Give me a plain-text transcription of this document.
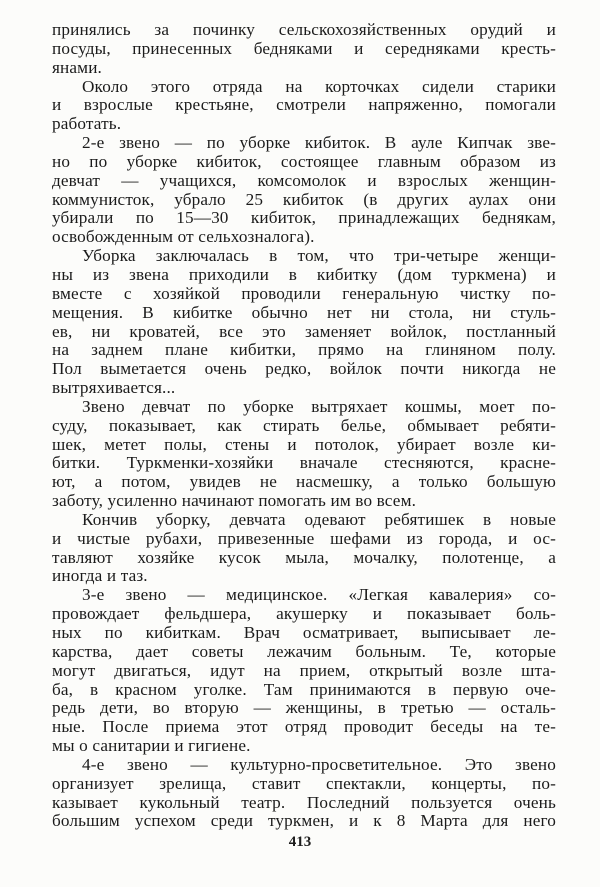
принялись за починку сельскохозяйственных орудий и
посуды, принесенных бедняками и середняками кресть-
янами.
Около этого отряда на корточках сидели старики
и взрослые крестьяне, смотрели напряженно, помогали
работать.
2-е звено — по уборке кибиток. В ауле Кипчак зве-
но по уборке кибиток, состоящее главным образом из
девчат — учащихся, комсомолок и взрослых женщин-
коммунисток, убрало 25 кибиток (в других аулах они
убирали по 15—30 кибиток, принадлежащих беднякам,
освобожденным от сельхозналога).
Уборка заключалась в том, что три-четыре женщи-
ны из звена приходили в кибитку (дом туркмена) и
вместе с хозяйкой проводили генеральную чистку по-
мещения. В кибитке обычно нет ни стола, ни стуль-
ев, ни кроватей, все это заменяет войлок, постланный
на заднем плане кибитки, прямо на глиняном полу.
Пол выметается очень редко, войлок почти никогда не
вытряхивается...
Звено девчат по уборке вытряхает кошмы, моет по-
суду, показывает, как стирать белье, обмывает ребяти-
шек, метет полы, стены и потолок, убирает возле ки-
битки. Туркменки-хозяйки вначале стесняются, красне-
ют, а потом, увидев не насмешку, а только большую
заботу, усиленно начинают помогать им во всем.
Кончив уборку, девчата одевают ребятишек в новые
и чистые рубахи, привезенные шефами из города, и ос-
тавляют хозяйке кусок мыла, мочалку, полотенце, а
иногда и таз.
3-е звено — медицинское. «Легкая кавалерия» со-
провождает фельдшера, акушерку и показывает боль-
ных по кибиткам. Врач осматривает, выписывает ле-
карства, дает советы лежачим больным. Те, которые
могут двигаться, идут на прием, открытый возле шта-
ба, в красном уголке. Там принимаются в первую оче-
редь дети, во вторую — женщины, в третью — осталь-
ные. После приема этот отряд проводит беседы на те-
мы о санитарии и гигиене.
4-е звено — культурно-просветительное. Это звено
организует зрелища, ставит спектакли, концерты, по-
казывает кукольный театр. Последний пользуется очень
большим успехом среди туркмен, и к 8 Марта для него
413
